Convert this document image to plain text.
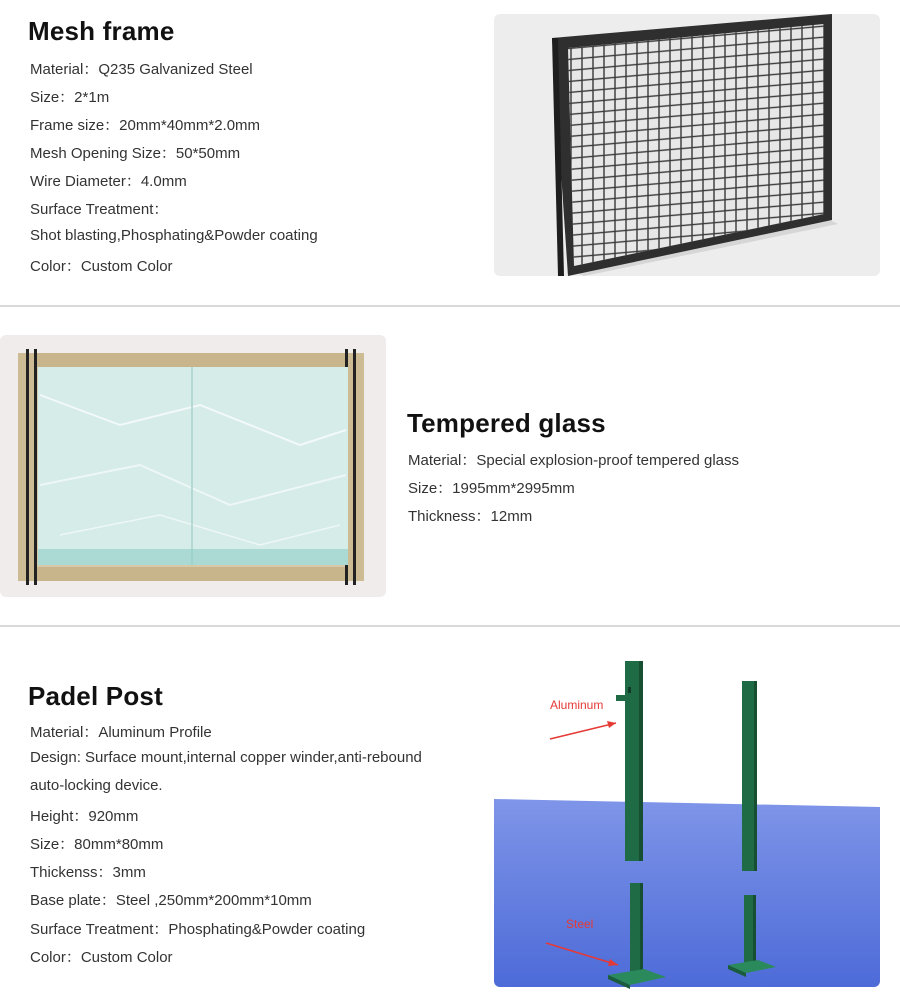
Mesh frame

Material：Q235 Galvanized Steel

Size：2*1m

Frame size：20mm*40mm*2.0mm

Mesh Opening Size：50*50mm

Wire Diameter：4.0mm

Surface Treatment：

Shot blasting,Phosphating&Powder coating

Color：Custom Color

Tempered glass

Material：Special explosion-proof tempered glass

Size：1995mm*2995mm

Thickness：12mm

Padel Post

Material：Aluminum Profile

Design: Surface mount,internal copper winder,anti-rebound

auto-locking device.

Height：920mm

Size：80mm*80mm

Thickenss：3mm

Base plate：Steel ,250mm*200mm*10mm

Surface Treatment：Phosphating&Powder coating

Color：Custom Color

Aluminum
Steel
